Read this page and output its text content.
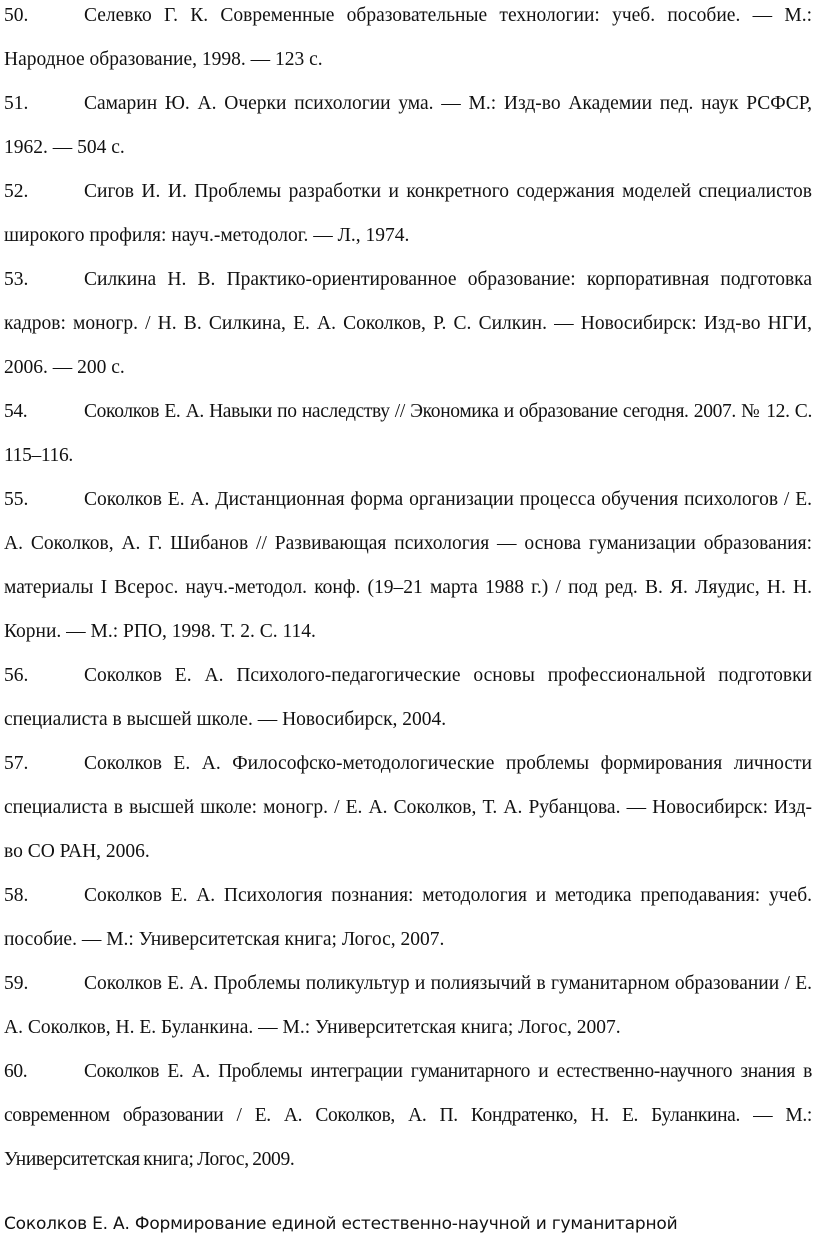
50.	Селевко Г. К. Современные образовательные технологии: учеб. пособие. — М.: Народное образование, 1998. — 123 с.

51.	Самарин Ю. А. Очерки психологии ума. — М.: Изд-во Академии пед. наук РСФСР, 1962. — 504 с.

52.	Сигов И. И. Проблемы разработки и конкретного содержания моделей специалистов широкого профиля: науч.-методолог. — Л., 1974.

53.	Силкина Н. В. Практико-ориентированное образование: корпоративная подготовка кадров: моногр. / Н. В. Силкина, Е. А. Соколков, Р. С. Силкин. — Новосибирск: Изд-во НГИ, 2006. — 200 с.

54.	Соколков Е. А. Навыки по наследству // Экономика и образование сегодня. 2007. № 12. С. 115–116.

55.	Соколков Е. А. Дистанционная форма организации процесса обучения психологов / Е. А. Соколков, А. Г. Шибанов // Развивающая психология — основа гуманизации образования: материалы I Всерос. науч.-методол. конф. (19–21 марта 1988 г.) / под ред. В. Я. Ляудис, Н. Н. Корни. — М.: РПО, 1998. Т. 2. С. 114.

56.	Соколков Е. А. Психолого-педагогические основы профессиональной подготовки специалиста в высшей школе. — Новосибирск, 2004.

57.	Соколков Е. А. Философско-методологические проблемы формирования личности специалиста в высшей школе: моногр. / Е. А. Соколков, Т. А. Рубанцова. — Новосибирск: Изд-во СО РАН, 2006.

58.	Соколков Е. А. Психология познания: методология и методика преподавания: учеб. пособие. — М.: Университетская книга; Логос, 2007.

59.	Соколков Е. А. Проблемы поликультур и полиязычий в гуманитарном образовании / Е. А. Соколков, Н. Е. Буланкина. — М.: Университетская книга; Логос, 2007.

60.	Соколков Е. А. Проблемы интеграции гуманитарного и естественно-научного знания в современном образовании / Е. А. Соколков, А. П. Кондратенко, Н. Е. Буланкина. — М.: Университетская книга; Логос, 2009.

Соколков Е. А. Формирование единой естественно-научной и гуманитарной
